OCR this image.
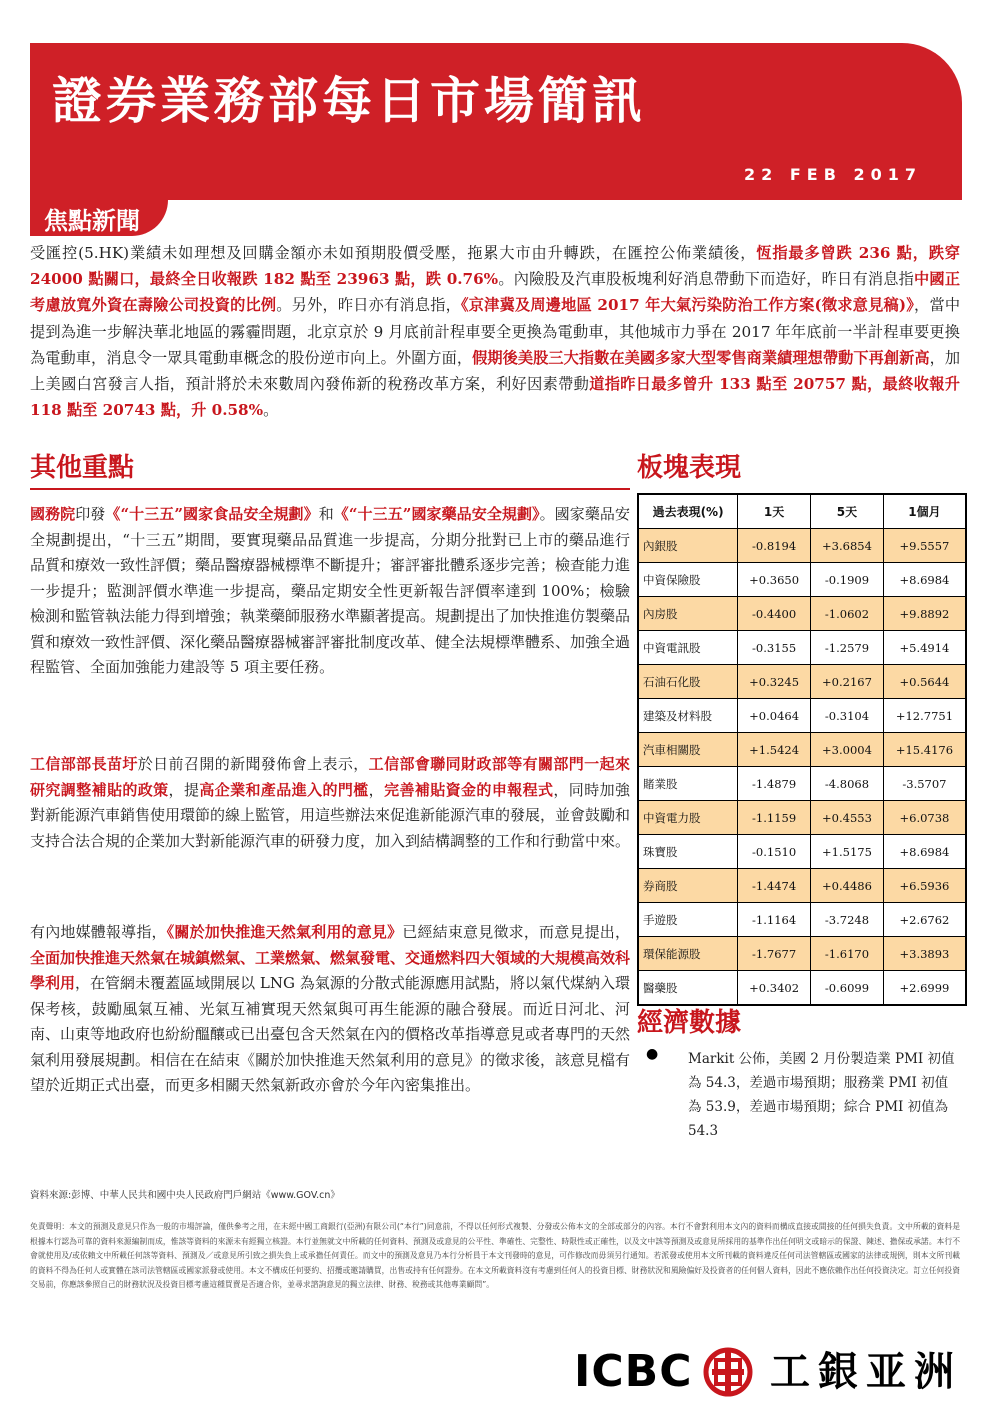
證券業務部每日市場簡訊
22 FEB 2017
焦點新聞

受匯控(5.HK)業績未如理想及回購金額亦未如預期股價受壓，拖累大市由升轉跌，在匯控公佈業績後，恆指最多曾跌 236 點，跌穿 24000 點關口，最終全日收報跌 182 點至 23963 點，跌 0.76%。內險股及汽車股板塊利好消息帶動下而造好，昨日有消息指中國正考慮放寬外資在壽險公司投資的比例。另外，昨日亦有消息指，《京津冀及周邊地區 2017 年大氣污染防治工作方案(徵求意見稿)》，當中提到為進一步解決華北地區的霧霾問題，北京京於 9 月底前計程車要全更換為電動車，其他城市力爭在 2017 年年底前一半計程車要更換為電動車，消息令一眾具電動車概念的股份逆市向上。外圍方面，假期後美股三大指數在美國多家大型零售商業績理想帶動下再創新高，加上美國白宮發言人指，預計將於未來數周內發佈新的稅務改革方案，利好因素帶動道指昨日最多曾升 133 點至 20757 點，最終收報升 118 點至 20743 點，升 0.58%。

其他重點

國務院印發《“十三五”國家食品安全規劃》和《“十三五”國家藥品安全規劃》。國家藥品安全規劃提出，“十三五”期間，要實現藥品品質進一步提高，分期分批對已上市的藥品進行品質和療效一致性評價；藥品醫療器械標準不斷提升；審評審批體系逐步完善；檢查能力進一步提升；監測評價水準進一步提高，藥品定期安全性更新報告評價率達到 100%；檢驗檢測和監管執法能力得到增強；執業藥師服務水準顯著提高。規劃提出了加快推進仿製藥品質和療效一致性評價、深化藥品醫療器械審評審批制度改革、健全法規標準體系、加強全過程監管、全面加強能力建設等 5 項主要任務。

工信部部長苗圩於日前召開的新聞發佈會上表示，工信部會聯同財政部等有關部門一起來研究調整補貼的政策，提高企業和產品進入的門檻，完善補貼資金的申報程式，同時加強對新能源汽車銷售使用環節的線上監管，用這些辦法來促進新能源汽車的發展，並會鼓勵和支持合法合規的企業加大對新能源汽車的研發力度，加入到結構調整的工作和行動當中來。

有內地媒體報導指，《關於加快推進天然氣利用的意見》已經結束意見徵求，而意見提出，全面加快推進天然氣在城鎮燃氣、工業燃氣、燃氣發電、交通燃料四大領域的大規模高效科學利用，在管網未覆蓋區域開展以 LNG 為氣源的分散式能源應用試點，將以氣代煤納入環保考核，鼓勵風氣互補、光氣互補實現天然氣與可再生能源的融合發展。而近日河北、河南、山東等地政府也紛紛醞釀或已出臺包含天然氣在內的價格改革指導意見或者專門的天然氣利用發展規劃。相信在在結束《關於加快推進天然氣利用的意見》的徵求後，該意見檔有望於近期正式出臺，而更多相關天然氣新政亦會於今年內密集推出。

板塊表現
過去表現(%)	1天	5天	1個月
內銀股	-0.8194	+3.6854	+9.5557
中資保險股	+0.3650	-0.1909	+8.6984
內房股	-0.4400	-1.0602	+9.8892
中資電訊股	-0.3155	-1.2579	+5.4914
石油石化股	+0.3245	+0.2167	+0.5644
建築及材料股	+0.0464	-0.3104	+12.7751
汽車相關股	+1.5424	+3.0004	+15.4176
賭業股	-1.4879	-4.8068	-3.5707
中資電力股	-1.1159	+0.4553	+6.0738
珠寶股	-0.1510	+1.5175	+8.6984
券商股	-1.4474	+0.4486	+6.5936
手遊股	-1.1164	-3.7248	+2.6762
環保能源股	-1.7677	-1.6170	+3.3893
醫藥股	+0.3402	-0.6099	+2.6999
經濟數據
● Markit 公佈，美國 2 月份製造業 PMI 初值為 54.3，差過市場預期；服務業 PMI 初值為 53.9，差過市場預期；綜合 PMI 初值為 54.3

資料來源:彭博、中華人民共和國中央人民政府門戶網站《www.GOV.cn》

免責聲明：本文的預測及意見只作為一般的市場評論，僅供參考之用，在未經中國工商銀行(亞洲)有限公司(“本行”)同意前，不得以任何形式複製、分發或公佈本文的全部或部分的內容。本行不會對利用本文內的資料而構成直接或間接的任何損失負責。文中所載的資料是根據本行認為可靠的資料來源編制而成，惟該等資料的來源未有經獨立核證。本行並無就文中所載的任何資料、預測及或意見的公平性、準確性、完整性、時限性或正確性，以及文中該等預測及或意見所採用的基準作出任何明文或暗示的保證、陳述、擔保或承諾。本行不會就使用及/或依賴文中所載任何該等資料、預測及／或意見所引致之損失負上或承擔任何責任。而文中的預測及意見乃本行分析員于本文刊發時的意見，可作修改而毋須另行通知。若派發或使用本文所刊載的資料違反任何司法管轄區或國家的法律或規例，則本文所刊載的資料不得為任何人或實體在該司法管轄區或國家派發或使用。本文不構成任何要約、招攬或邀請購買，出售或持有任何證券。在本文所載資料沒有考慮到任何人的投資目標、財務狀況和風險偏好及投資者的任何個人資料，因此不應依賴作出任何投資決定。訂立任何投資交易前，你應該參照自己的財務狀況及投資目標考慮這種買賣是否適合你，並尋求諮詢意見的獨立法律、財務、稅務或其他專業顧問”。

ICBC 工銀亚洲
